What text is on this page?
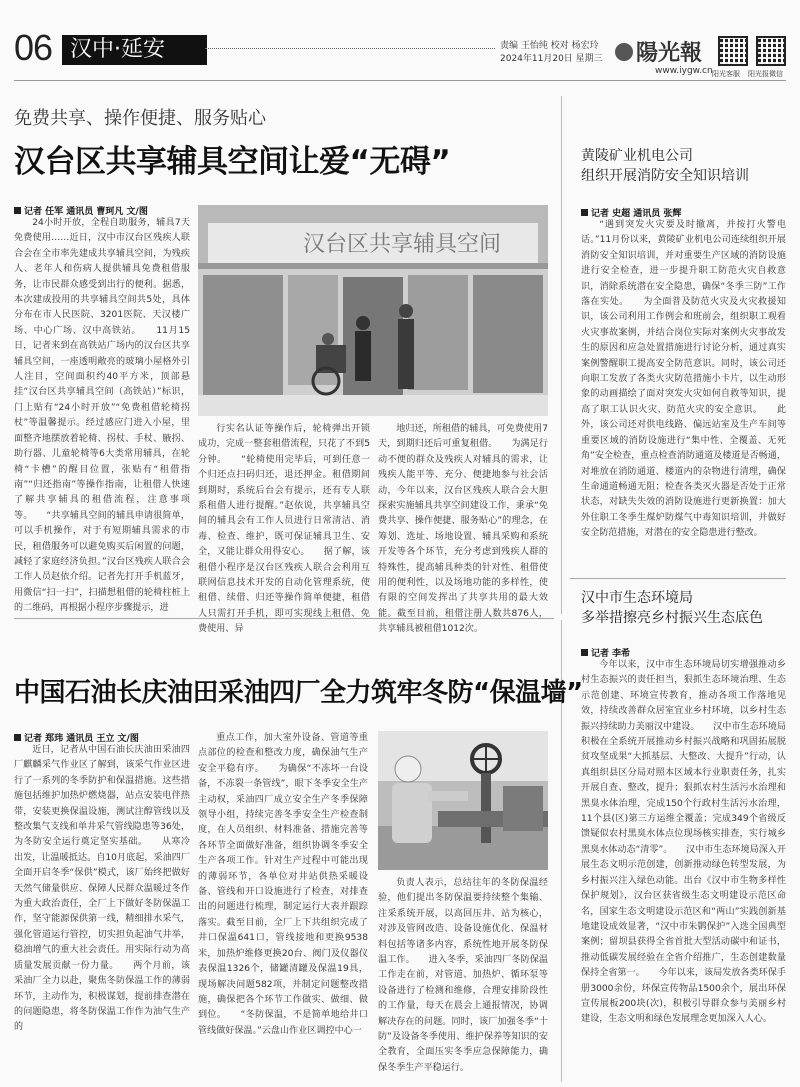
06 汉中·延安	责编 王怡纯 校对 杨宏玲
2024年11月20日 星期三	陽光報
www.iygw.cn 阳光客服 阳光报微信
免费共享、操作便捷、服务贴心
汉台区共享辅具空间让爱“无碍”
记者 任军 通讯员 曹珂凡 文/图

24小时开放，全程自助服务，辅具7天免费使用……近日，汉中市汉台区残疾人联合会在全市率先建成共享辅具空间，为残疾人、老年人和伤病人提供辅具免费租借服务，让市民群众感受到出行的便利。据悉，本次建成投用的共享辅具空间共5处，具体分布在市人民医院、3201医院、天汉楼广场、中心广场、汉中高铁站。　　11月15日，记者来到在高铁站广场内的汉台区共享辅具空间，一座透明敞亮的玻璃小屋格外引人注目，空间面积约40平方米，顶部悬挂“汉台区共享辅具空间（高铁站）”标识，门上贴有“24小时开放”“免费租借轮椅拐杖”等温馨提示。经过感应门进入小屋，里面整齐地摆放着轮椅、拐杖、手杖、腋拐、助行器、儿童轮椅等6大类常用辅具，在轮椅“卡槽”的醒目位置，张贴有“租借指南”“归还指南”等操作指南，让租借人快速了解共享辅具的租借流程，注意事项等。　　“共享辅具空间的辅具申请很简单，可以手机操作，对于有短期辅具需求的市民，租借服务可以避免购买后闲置的问题，减轻了家庭经济负担。”汉台区残疾人联合会工作人员赵依介绍。记者先打开手机蓝牙，用微信“扫一扫”，扫描想租借的轮椅柱桩上的二维码，再根据小程序步骤提示，进

汉台区共享辅具空间

行实名认证等操作后，轮椅弹出开锁成功，完成一整套租借流程，只花了不到5分钟。　　“轮椅使用完毕后，可到任意一个归还点扫码归还，退还押金。租借期间到期时，系统后台会有提示，还有专人联系租借人进行提醒。”赵依说，共享辅具空间的辅具会有工作人员进行日常清洁、消毒、检查、维护，既可保证辅具卫生、安全，又能让群众用得安心。　　据了解，该租借小程序是汉台区残疾人联合会利用互联网信息技术开发的自动化管理系统，使租借、续借、归还等操作简单便捷，租借人只需打开手机，即可实现线上租借、免费使用、异

地归还，所租借的辅具，可免费使用7天，到期归还后可重复租借。　　为满足行动不便的群众及残疾人对辅具的需求，让残疾人能平等、充分、便捷地参与社会活动，今年以来，汉台区残疾人联合会大胆探索实施辅具共享空间建设工作，秉承“免费共享、操作便捷、服务贴心”的理念，在筹划、选址、场地设置、辅具采购和系统开发等各个环节，充分考虑到残疾人群的特殊性，提高辅具种类的针对性、租借使用的便利性，以及场地功能的多样性，使有限的空间发挥出了共享共用的最大效能。截至目前，租借注册人数共876人，共享辅具被租借1012次。

黄陵矿业机电公司
组织开展消防安全知识培训
记者 史超 通讯员 张辉

“遇到突发火灾要及时撤离，并按打火警电话。”11月份以来，黄陵矿业机电公司连续组织开展消防安全知识培训，并对重要生产区域的消防设施进行安全检查，进一步提升职工防范火灾自救意识，消除系统潜在安全隐患，确保“冬季三防”工作落在实处。　　为全面普及防范火灾及火灾救援知识，该公司利用工作例会和班前会，组织职工观看火灾事故案例，并结合岗位实际对案例火灾事故发生的原因和应急处置措施进行讨论分析，通过真实案例警醒职工提高安全防范意识。同时，该公司还向职工发放了各类火灾防范措施小卡片，以生动形象的动画描绘了面对突发火灾如何自救等知识，提高了职工认识火灾、防范火灾的安全意识。　　此外，该公司还对供电线路、偏远站室及生产车间等重要区域的消防设施进行“集中性、全覆盖、无死角”安全检查，重点检查消防通道及楼道是否畅通，对堆放在消防通道、楼道内的杂物进行清理，确保生命通道畅通无阻；检查各类灭火器是否处于正常状态，对缺失失效的消防设施进行更新换置：加大外住职工冬季生煤炉防煤气中毒知识培训，并做好安全防范措施，对潜在的安全隐患进行整改。

汉中市生态环境局
多举措擦亮乡村振兴生态底色
记者 李希

今年以来，汉中市生态环境局切实增强推动乡村生态振兴的责任担当，狠抓生态环境治理、生态示范创建、环境宣传教育，推动各项工作落地见效，持续改善群众居室宜业乡村环境，以乡村生态振兴持续助力美丽汉中建设。　　汉中市生态环境局积极在全系统开展推动乡村振兴战略和巩固拓展脱贫攻坚成果“大抓基层、大整改、大提升”行动，认真组织县区分局对照本区域本行业职责任务，扎实开展自查、整改，提升；狠抓农村生活污水治理和黑臭水体治理，完成150个行政村生活污水治理，11个县(区)第三方运维全覆盖；完成349个省级反馈疑似农村黑臭水体点位现场核实排查，实行城乡黑臭水体动态“清零”。　　汉中市生态环境局深入开展生态文明示范创建，创新推动绿色转型发展，为乡村振兴注入绿色动能。出台《汉中市生物多样性保护规划》，汉台区获省级生态文明建设示范区命名，国家生态文明建设示范区和“两山”实践创新基地建设成效显著，“汉中市朱鹮保护”入选全国典型案例；留坝县获得全省首批大型活动碳中和证书，推动低碳发展经验在全省介绍推广，生态创建数量保持全省第一。　　今年以来，该局发放各类环保手册3000余份，环保宣传物品1500余个，展出环保宣传展板200块(次)，积极引导群众参与美丽乡村建设，生态文明和绿色发展理念更加深入人心。

中国石油长庆油田采油四厂全力筑牢冬防“保温墙”
记者 郑玮 通讯员 王立 文/图

近日，记者从中国石油长庆油田采油四厂麒麟采气作业区了解到，该采气作业区进行了一系列的冬季防护和保温措施。这些措施包括维护加热炉燃烧器，站点安装电伴热带，安装更换保温设施，测试注醇管线以及整改集气支线和单井采气管线隐患等36处，为冬防安全运行奠定坚实基础。　　从寒冷出发，让温暖抵达。自10月底起，采油四厂全面开启冬季“保供”模式，该厂始终把做好天然气储量供应、保障人民群众温暖过冬作为重大政治责任，全厂上下做好冬防保温工作，坚守能源保供第一线，精细排水采气，强化管道运行管控，切实担负起油气井举，稳油增气的重大社会责任。用实际行动为高质量发展贡献一份力量。　　两个月前，该采油厂全力以赴，聚焦冬防保温工作的薄弱环节，主动作为，积极谋划，提前排查潜在的问题隐患，将冬防保温工作作为油气生产的

重点工作，加大室外设备、管道等重点部位的检查和整改力度，确保油气生产安全平稳有序。　　为确保“不冻坏一台设备，不冻裂一条管线”，眼下冬季安全生产主动权，采油四厂成立安全生产冬季保障领导小组，持续完善冬季安全生产检查制度，在人员组织、材料准备、措施完善等各环节全面做好准备，组织协调冬季安全生产各项工作。针对生产过程中可能出现的薄弱环节，各单位对井站供热采暖设备、管线和开口设施进行了检查，对排查出的问题进行梳理，制定运行大表并跟踪落实。截至目前，全厂上下共组织完成了井口保温641口，管线接地和更换9538米，加热炉维修更换20台、阀门及仪器仪表保温1326个，储罐清罐及保温19具，现场解决问题582项，并制定问题整改措施，确保把各个环节工作做实、做细、做到位。　　“冬防保温，不是简单地给井口管线做好保温。”云盘山作业区调控中心一

负责人表示，总结往年的冬防保温经验，他们提出冬防保温要持续整个集输、注采系统开展，以高回压井、站为核心，对涉及管网改造、设备设施优化、保温材料包括等诸多内容，系统性地开展冬防保温工作。　　进入冬季，采油四厂冬防保温工作走在前，对管道、加热炉、循环泵等设备进行了检测和维修，合理安排阶段性的工作量，每天在晨会上通报情况，协调解决存在的问题。同时，该厂加强冬季“十防”及设备冬季使用、维护保养等知识的安全教育，全面压实冬季应急保障能力，确保冬季生产平稳运行。
